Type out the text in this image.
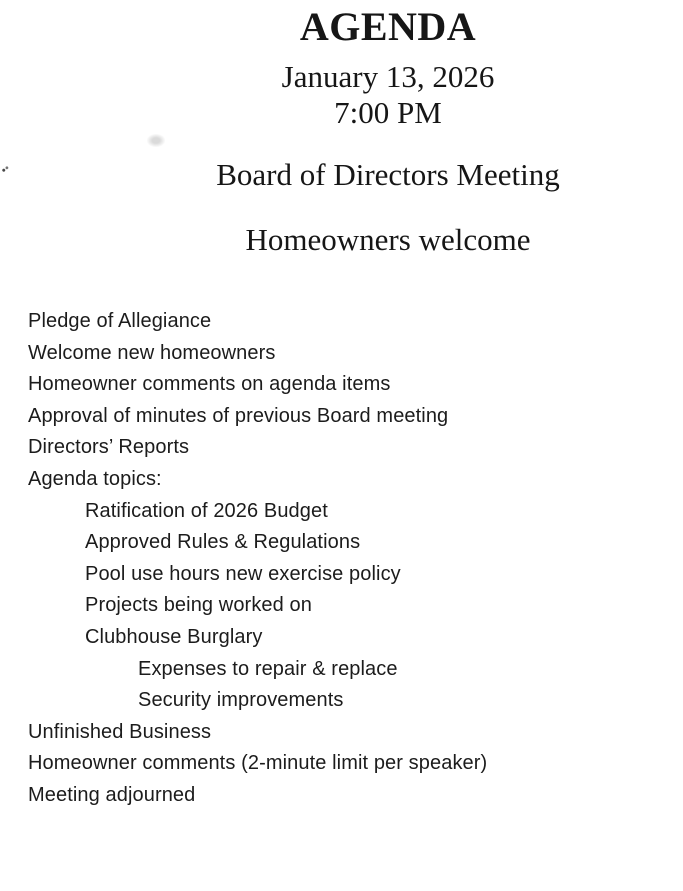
AGENDA
January 13, 2026
7:00 PM
Board of Directors Meeting
Homeowners welcome
Pledge of Allegiance
Welcome new homeowners
Homeowner comments on agenda items
Approval of minutes of previous Board meeting
Directors’ Reports
Agenda topics:
Ratification of 2026 Budget
Approved Rules & Regulations
Pool use hours new exercise policy
Projects being worked on
Clubhouse Burglary
Expenses to repair & replace
Security improvements
Unfinished Business
Homeowner comments (2-minute limit per speaker)
Meeting adjourned
